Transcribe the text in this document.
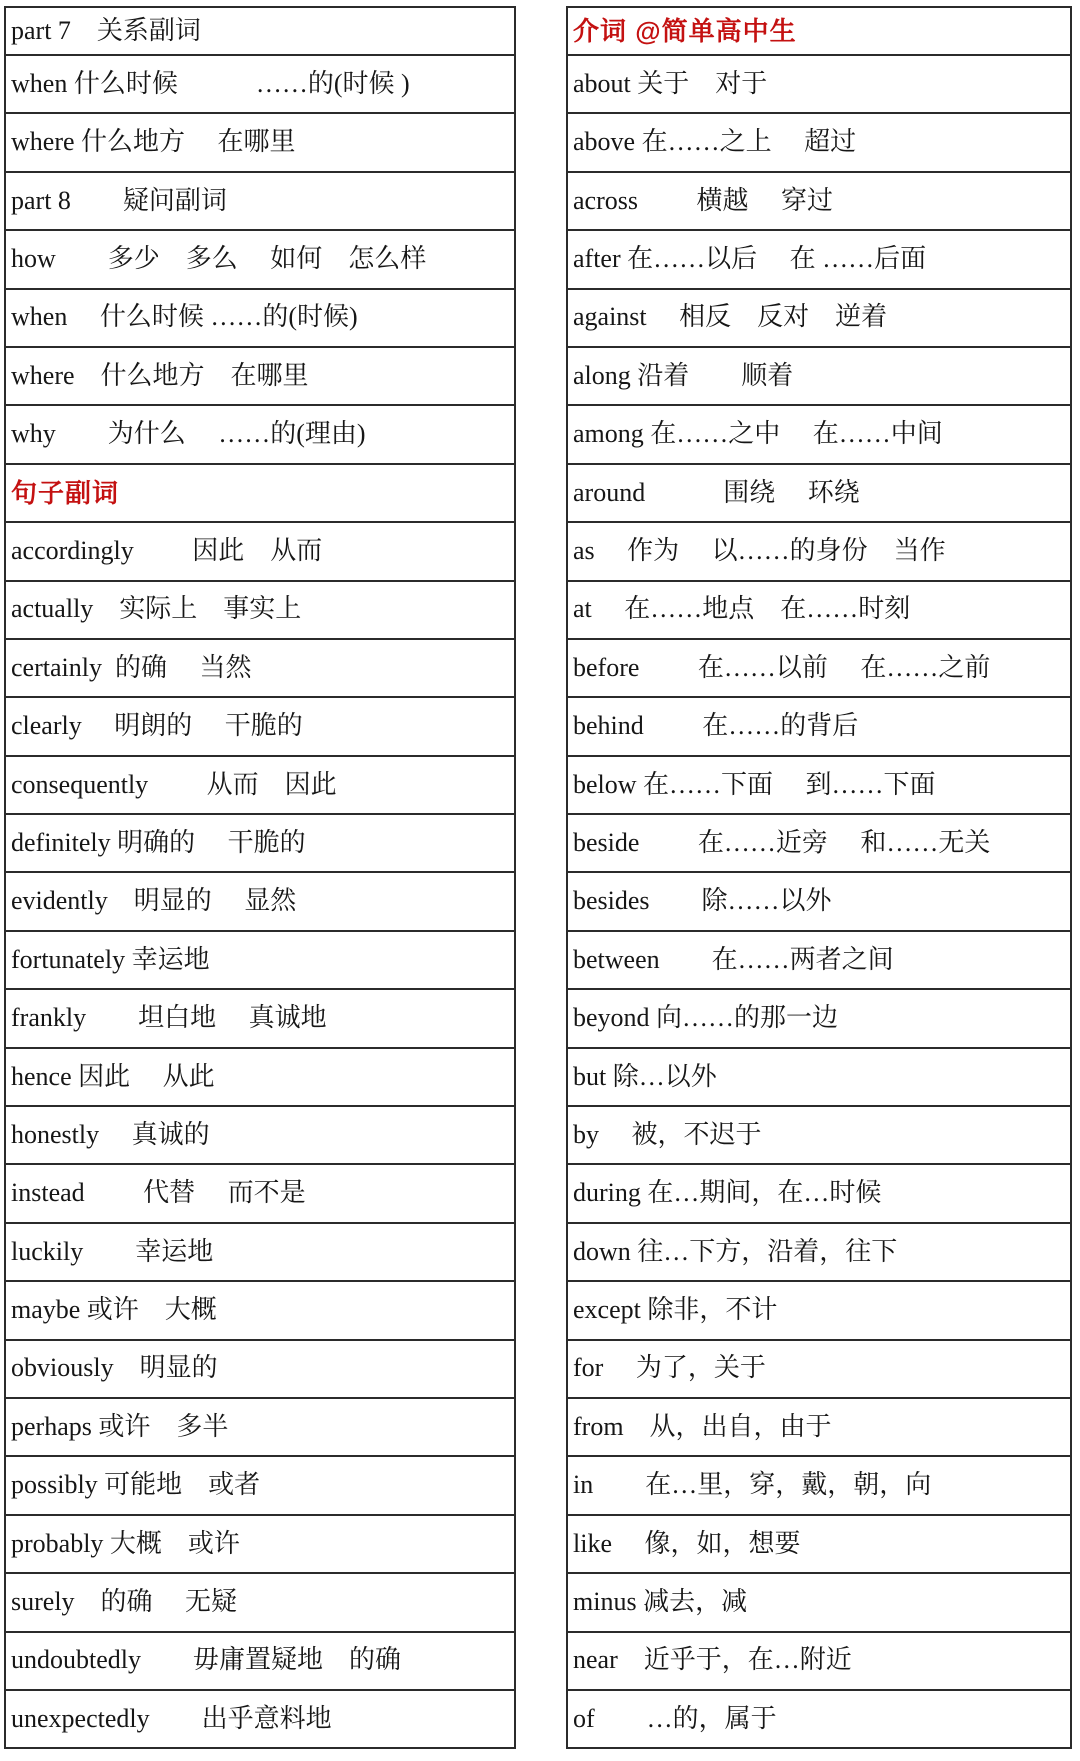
part 7　关系副词
when 什么时候　　　……的(时候 )
where 什么地方　 在哪里
part 8　　疑问副词
how　　多少　多么　 如何　怎么样
when　 什么时候 ……的(时候)
where　什么地方　在哪里
why　　为什么　 ……的(理由)
句子副词
accordingly　　 因此　从而
actually　实际上　事实上
certainly  的确　 当然
clearly　 明朗的　 干脆的
consequently　　 从而　因此
definitely 明确的　 干脆的
evidently　明显的　 显然
fortunately 幸运地
frankly　　坦白地　 真诚地
hence 因此　 从此
honestly　 真诚的
instead　　 代替　 而不是
luckily　　幸运地
maybe 或许　大概
obviously　明显的
perhaps 或许　多半
possibly 可能地　或者
probably 大概　或许
surely　的确　 无疑
undoubtedly　　毋庸置疑地　的确
unexpectedly　　出乎意料地
介词 @简单高中生
about 关于　对于
above 在……之上　 超过
across　　 横越　 穿过
after 在……以后　 在 ……后面
against　 相反　反对　逆着
along 沿着　　顺着
among 在……之中　 在……中间
around　　　围绕　 环绕
as　 作为　 以……的身份　当作
at　 在……地点　在……时刻
before　　 在……以前　 在……之前
behind　　 在……的背后
below 在……下面　 到……下面
beside　　 在……近旁　 和……无关
besides　　除……以外
between　　在……两者之间
beyond 向……的那一边
but 除…以外
by　 被，不迟于
during 在…期间，在…时候
down 往…下方，沿着，往下
except 除非，不计
for　 为了，关于
from　从，出自，由于
in　　在…里，穿，戴，朝，向
like　 像，如，想要
minus 减去，减
near　近乎于，在…附近
of　　…的，属于
